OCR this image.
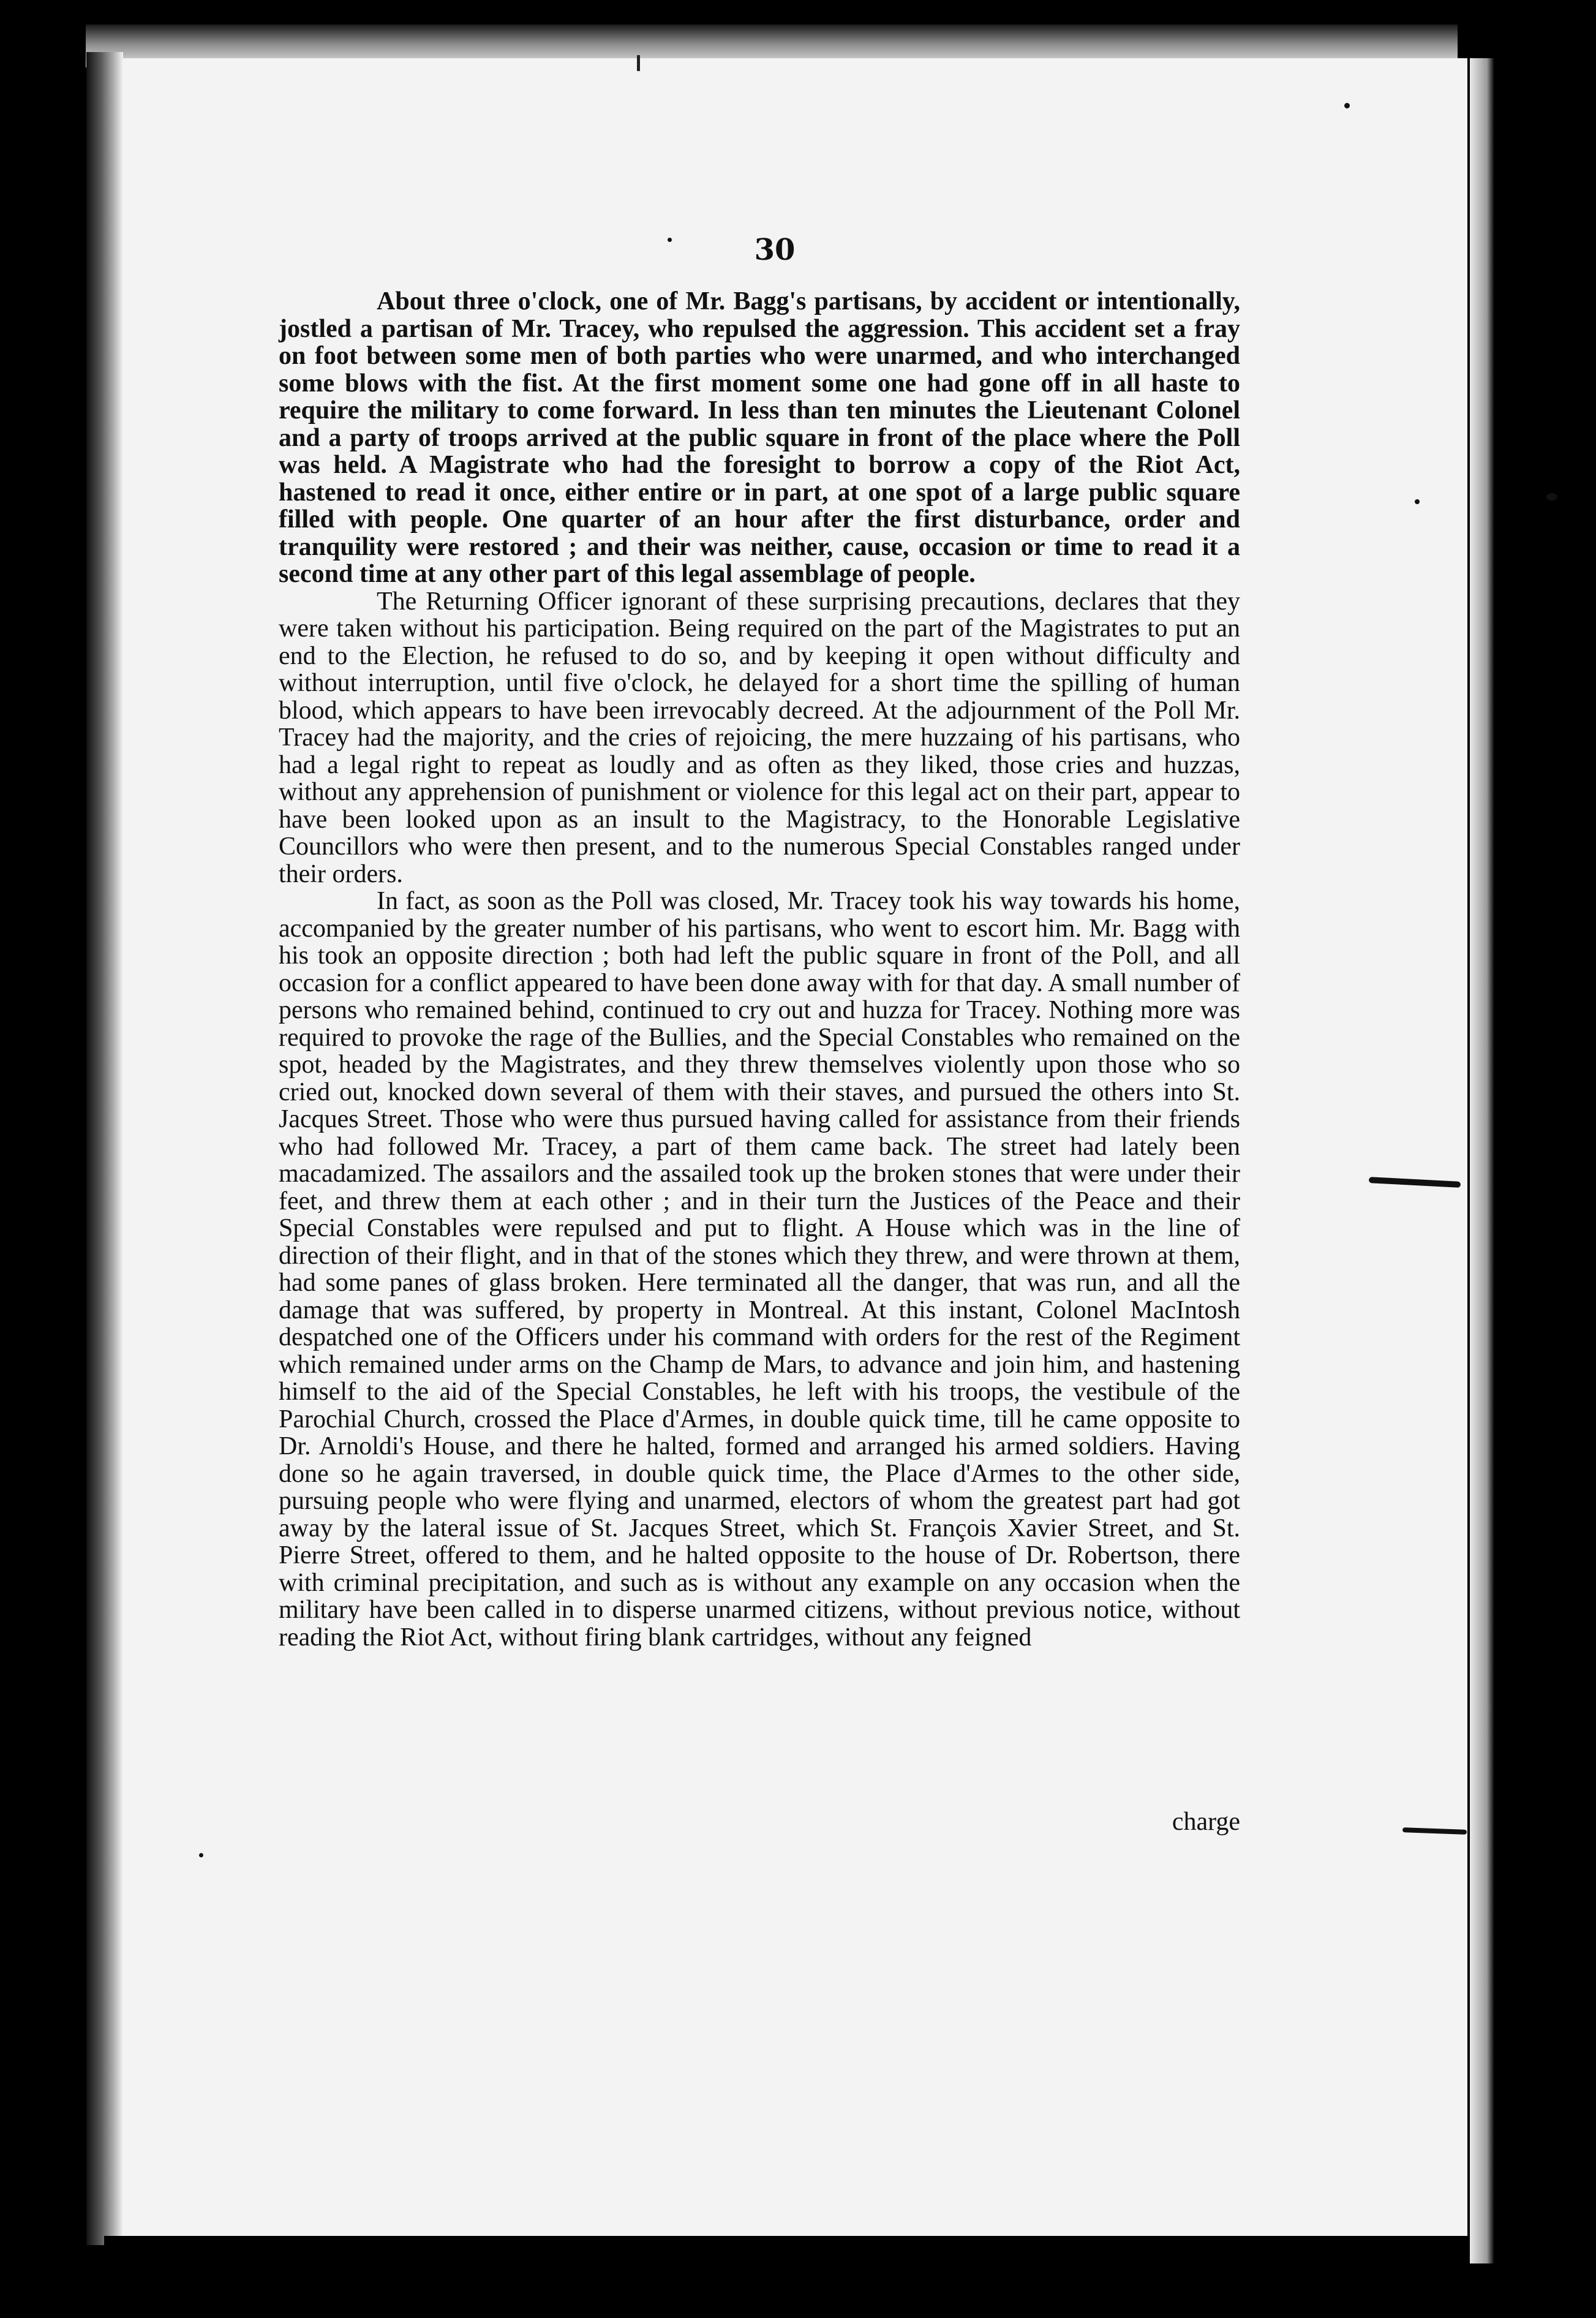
30

About three o'clock, one of Mr. Bagg's partisans, by accident or intentionally, jostled a partisan of Mr. Tracey, who repulsed the aggression. This accident set a fray on foot between some men of both parties who were unarmed, and who interchanged some blows with the fist. At the first moment some one had gone off in all haste to require the military to come forward. In less than ten minutes the Lieutenant Colonel and a party of troops arrived at the public square in front of the place where the Poll was held. A Magistrate who had the foresight to borrow a copy of the Riot Act, hastened to read it once, either entire or in part, at one spot of a large public square filled with people. One quarter of an hour after the first disturbance, order and tranquility were restored ; and their was neither, cause, occasion or time to read it a second time at any other part of this legal assemblage of people.

The Returning Officer ignorant of these surprising precautions, declares that they were taken without his participation. Being required on the part of the Magistrates to put an end to the Election, he refused to do so, and by keeping it open without difficulty and without interruption, until five o'clock, he delayed for a short time the spilling of human blood, which appears to have been irrevocably decreed. At the adjournment of the Poll Mr. Tracey had the majority, and the cries of rejoicing, the mere huzzaing of his partisans, who had a legal right to repeat as loudly and as often as they liked, those cries and huzzas, without any apprehension of punishment or violence for this legal act on their part, appear to have been looked upon as an insult to the Magistracy, to the Honorable Legislative Councillors who were then present, and to the numerous Special Constables ranged under their orders.

In fact, as soon as the Poll was closed, Mr. Tracey took his way towards his home, accompanied by the greater number of his partisans, who went to escort him. Mr. Bagg with his took an opposite direction ; both had left the public square in front of the Poll, and all occasion for a conflict appeared to have been done away with for that day. A small number of persons who remained behind, continued to cry out and huzza for Tracey. Nothing more was required to provoke the rage of the Bullies, and the Special Constables who remained on the spot, headed by the Magistrates, and they threw themselves violently upon those who so cried out, knocked down several of them with their staves, and pursued the others into St. Jacques Street. Those who were thus pursued having called for assistance from their friends who had followed Mr. Tracey, a part of them came back. The street had lately been macadamized. The assailors and the assailed took up the broken stones that were under their feet, and threw them at each other ; and in their turn the Justices of the Peace and their Special Constables were repulsed and put to flight. A House which was in the line of direction of their flight, and in that of the stones which they threw, and were thrown at them, had some panes of glass broken. Here terminated all the danger, that was run, and all the damage that was suffered, by property in Montreal. At this instant, Colonel MacIntosh despatched one of the Officers under his command with orders for the rest of the Regiment which remained under arms on the Champ de Mars, to advance and join him, and hastening himself to the aid of the Special Constables, he left with his troops, the vestibule of the Parochial Church, crossed the Place d'Armes, in double quick time, till he came opposite to Dr. Arnoldi's House, and there he halted, formed and arranged his armed soldiers. Having done so he again traversed, in double quick time, the Place d'Armes to the other side, pursuing people who were flying and unarmed, electors of whom the greatest part had got away by the lateral issue of St. Jacques Street, which St. François Xavier Street, and St. Pierre Street, offered to them, and he halted opposite to the house of Dr. Robertson, there with criminal precipitation, and such as is without any example on any occasion when the military have been called in to disperse unarmed citizens, without previous notice, without reading the Riot Act, without firing blank cartridges, without any feigned

charge
